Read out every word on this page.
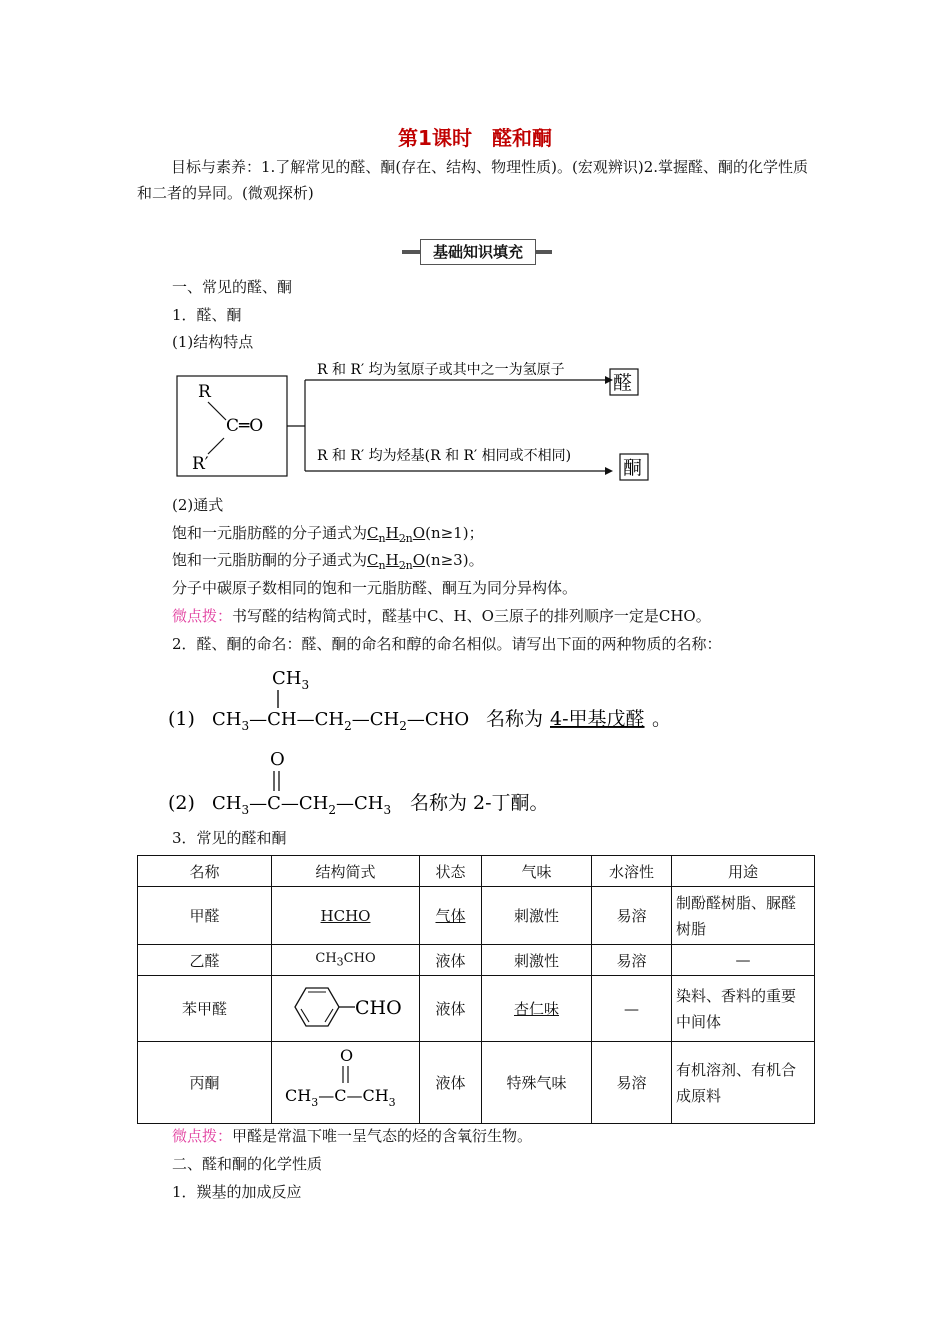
第1课时　醛和酮
目标与素养：1.了解常见的醛、酮(存在、结构、物理性质)。(宏观辨识)2.掌握醛、酮的化学性质和二者的异同。(微观探析)
基础知识填充
一、常见的醛、酮
1．醛、酮
(1)结构特点
R
C═O
R′
R 和 R′ 均为氢原子或其中之一为氢原子
R 和 R′ 均为烃基(R 和 R′ 相同或不相同)
醛
酮
(2)通式
饱和一元脂肪醛的分子通式为$C_nH_{2n}O(n\ge 1)$；
饱和一元脂肪酮的分子通式为$C_nH_{2n}O(n\ge 3)$。
分子中碳原子数相同的饱和一元脂肪醛、酮互为同分异构体。
微点拨：书写醛的结构简式时，醛基中C、H、O三原子的排列顺序一定是CHO。
2．醛、酮的命名：醛、酮的命名和醇的命名相似。请写出下面的两种物质的名称：
(1)
$CH_3$
$CH_3—CH—CH_2—CH_2—CHO$ 名称为 4-甲基戊醛 。
(2)
O
$CH_3—C—CH_2—CH_3$ 名称为 2-丁酮。
3．常见的醛和酮
名称	结构简式	状态	气味	水溶性	用途
甲醛	HCHO	气体	刺激性	易溶	制酚醛树脂、脲醛树脂
乙醛	$CH_3CHO$	液体	刺激性	易溶	—
苯甲醛	CHO	液体	杏仁味	—	染料、香料的重要中间体
丙酮	O
$CH_3—C—CH_3$	液体	特殊气味	易溶	有机溶剂、有机合成原料
微点拨：甲醛是常温下唯一呈气态的烃的含氧衍生物。
二、醛和酮的化学性质
1．羰基的加成反应
